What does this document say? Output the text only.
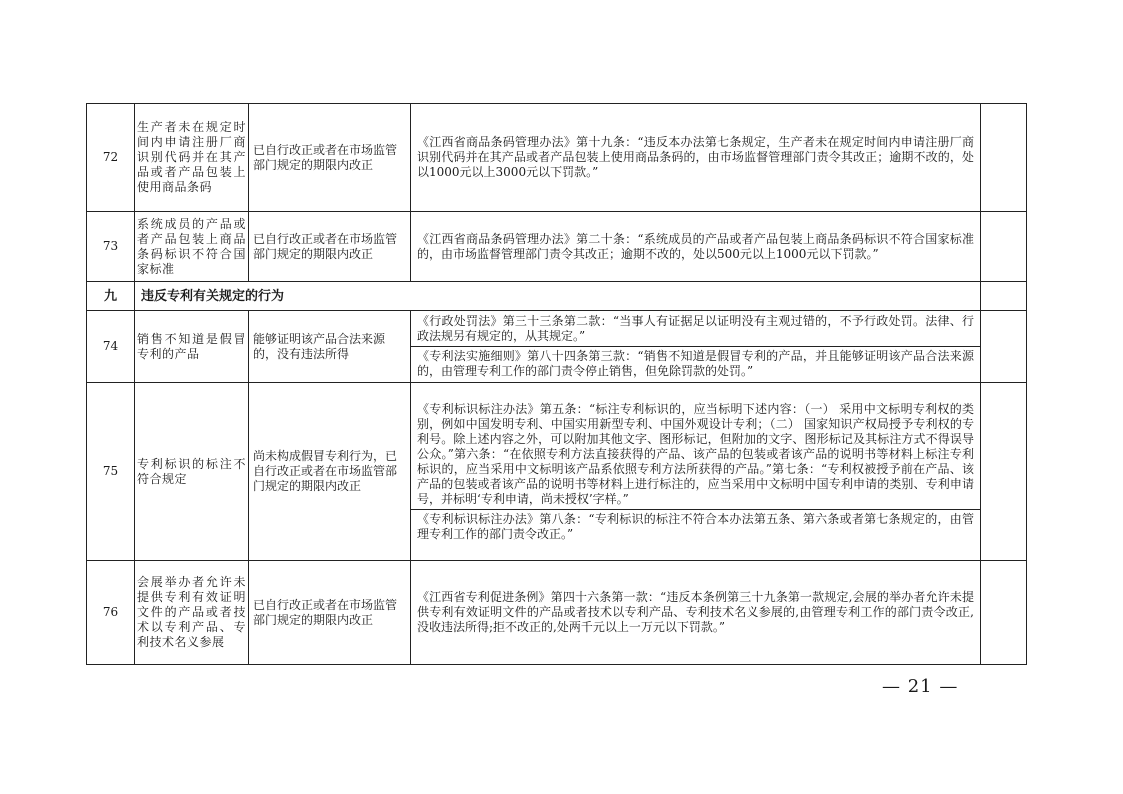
72	生产者未在规定时间内申请注册厂商识别代码并在其产品或者产品包装上使用商品条码	已自行改正或者在市场监管部门规定的期限内改正	《江西省商品条码管理办法》第十九条：“违反本办法第七条规定，生产者未在规定时间内申请注册厂商识别代码并在其产品或者产品包装上使用商品条码的，由市场监督管理部门责令其改正；逾期不改的，处以1000元以上3000元以下罚款。”	
73	系统成员的产品或者产品包装上商品条码标识不符合国家标准	已自行改正或者在市场监管部门规定的期限内改正	《江西省商品条码管理办法》第二十条：“系统成员的产品或者产品包装上商品条码标识不符合国家标准的，由市场监督管理部门责令其改正；逾期不改的，处以500元以上1000元以下罚款。”	
九	违反专利有关规定的行为			
74	销售不知道是假冒专利的产品	能够证明该产品合法来源的，没有违法所得	《行政处罚法》第三十三条第二款：“当事人有证据足以证明没有主观过错的，不予行政处罚。法律、行政法规另有规定的，从其规定。”
《专利法实施细则》第八十四条第三款：“销售不知道是假冒专利的产品，并且能够证明该产品合法来源的，由管理专利工作的部门责令停止销售，但免除罚款的处罚。”	

75	专利标识的标注不符合规定	尚未构成假冒专利行为，已自行改正或者在市场监管部门规定的期限内改正	《专利标识标注办法》第五条：“标注专利标识的，应当标明下述内容：（一） 采用中文标明专利权的类别，例如中国发明专利、中国实用新型专利、中国外观设计专利；（二） 国家知识产权局授予专利权的专利号。除上述内容之外，可以附加其他文字、图形标记，但附加的文字、图形标记及其标注方式不得误导公众。”第六条：“在依照专利方法直接获得的产品、该产品的包装或者该产品的说明书等材料上标注专利标识的，应当采用中文标明该产品系依照专利方法所获得的产品。”第七条：“专利权被授予前在产品、该产品的包装或者该产品的说明书等材料上进行标注的，应当采用中文标明中国专利申请的类别、专利申请号，并标明‘专利申请，尚未授权’字样。”
《专利标识标注办法》第八条：“专利标识的标注不符合本办法第五条、第六条或者第七条规定的，由管理专利工作的部门责令改正。”	

76	会展举办者允许未提供专利有效证明文件的产品或者技术以专利产品、专利技术名义参展	已自行改正或者在市场监管部门规定的期限内改正	《江西省专利促进条例》第四十六条第一款：“违反本条例第三十九条第一款规定,会展的举办者允许未提供专利有效证明文件的产品或者技术以专利产品、专利技术名义参展的,由管理专利工作的部门责令改正,没收违法所得;拒不改正的,处两千元以上一万元以下罚款。”	
— 21 —
